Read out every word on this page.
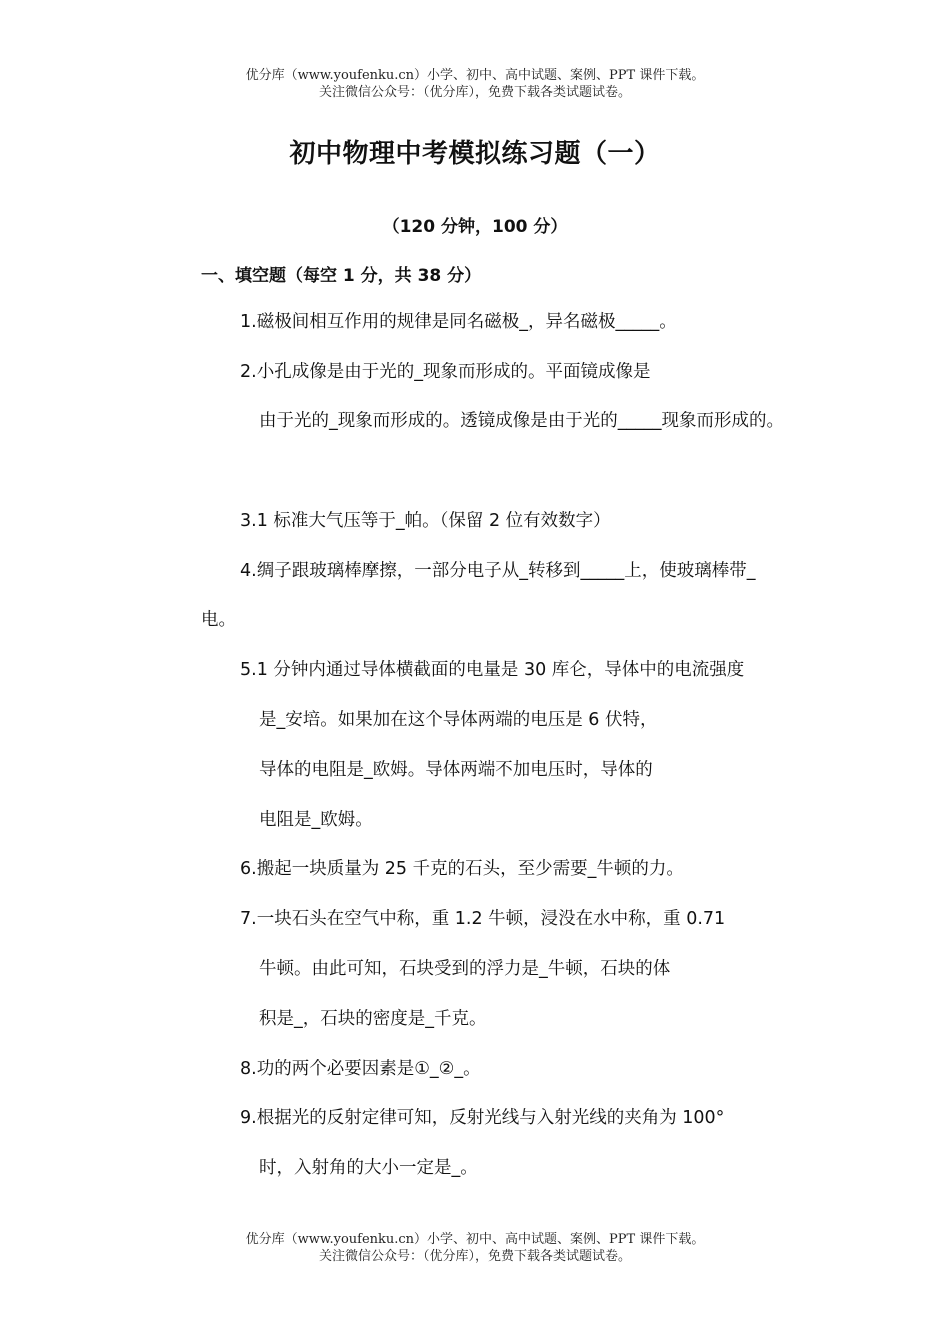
优分库（www.youfenku.cn）小学、初中、高中试题、案例、PPT 课件下载。
关注微信公众号：（优分库），免费下载各类试题试卷。
初中物理中考模拟练习题（一）
（120 分钟，100 分）
一、填空题（每空 1 分，共 38 分）
1.磁极间相互作用的规律是同名磁极_，异名磁极_____。
2.小孔成像是由于光的_现象而形成的。平面镜成像是
由于光的_现象而形成的。透镜成像是由于光的_____现象而形成的。
3.1 标准大气压等于_帕。（保留 2 位有效数字）
4.绸子跟玻璃棒摩擦，一部分电子从_转移到_____上，使玻璃棒带_
电。
5.1 分钟内通过导体横截面的电量是 30 库仑，导体中的电流强度
是_安培。如果加在这个导体两端的电压是 6 伏特，
导体的电阻是_欧姆。导体两端不加电压时，导体的
电阻是_欧姆。
6.搬起一块质量为 25 千克的石头，至少需要_牛顿的力。
7.一块石头在空气中称，重 1.2 牛顿，浸没在水中称，重 0.71
牛顿。由此可知，石块受到的浮力是_牛顿，石块的体
积是_，石块的密度是_千克。
8.功的两个必要因素是①_②_。
9.根据光的反射定律可知，反射光线与入射光线的夹角为 100°
时，入射角的大小一定是_。
优分库（www.youfenku.cn）小学、初中、高中试题、案例、PPT 课件下载。
关注微信公众号：（优分库），免费下载各类试题试卷。
